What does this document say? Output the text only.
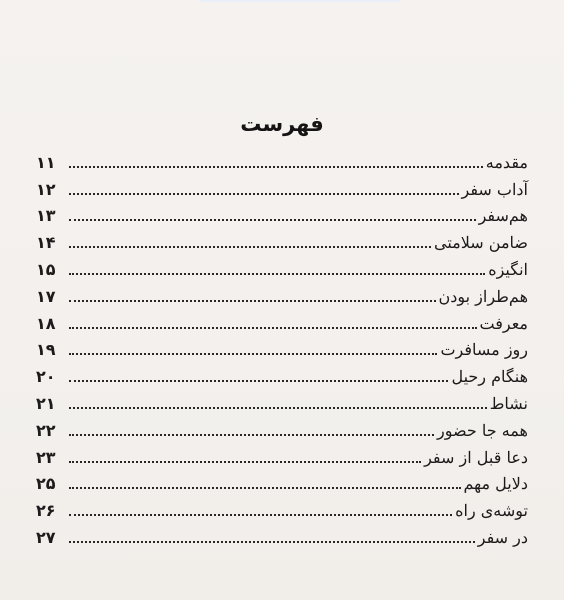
فهرست
مقدمه
۱۱
آداب سفر
۱۲
هم‌سفر
۱۳
ضامن سلامتی
۱۴
انگیزه
۱۵
هم‌طراز بودن
۱۷
معرفت
۱۸
روز مسافرت
۱۹
هنگام رحیل
۲۰
نشاط
۲۱
همه جا حضور
۲۲
دعا قبل از سفر
۲۳
دلایل مهم
۲۵
توشه‌ی راه
۲۶
در سفر
۲۷
